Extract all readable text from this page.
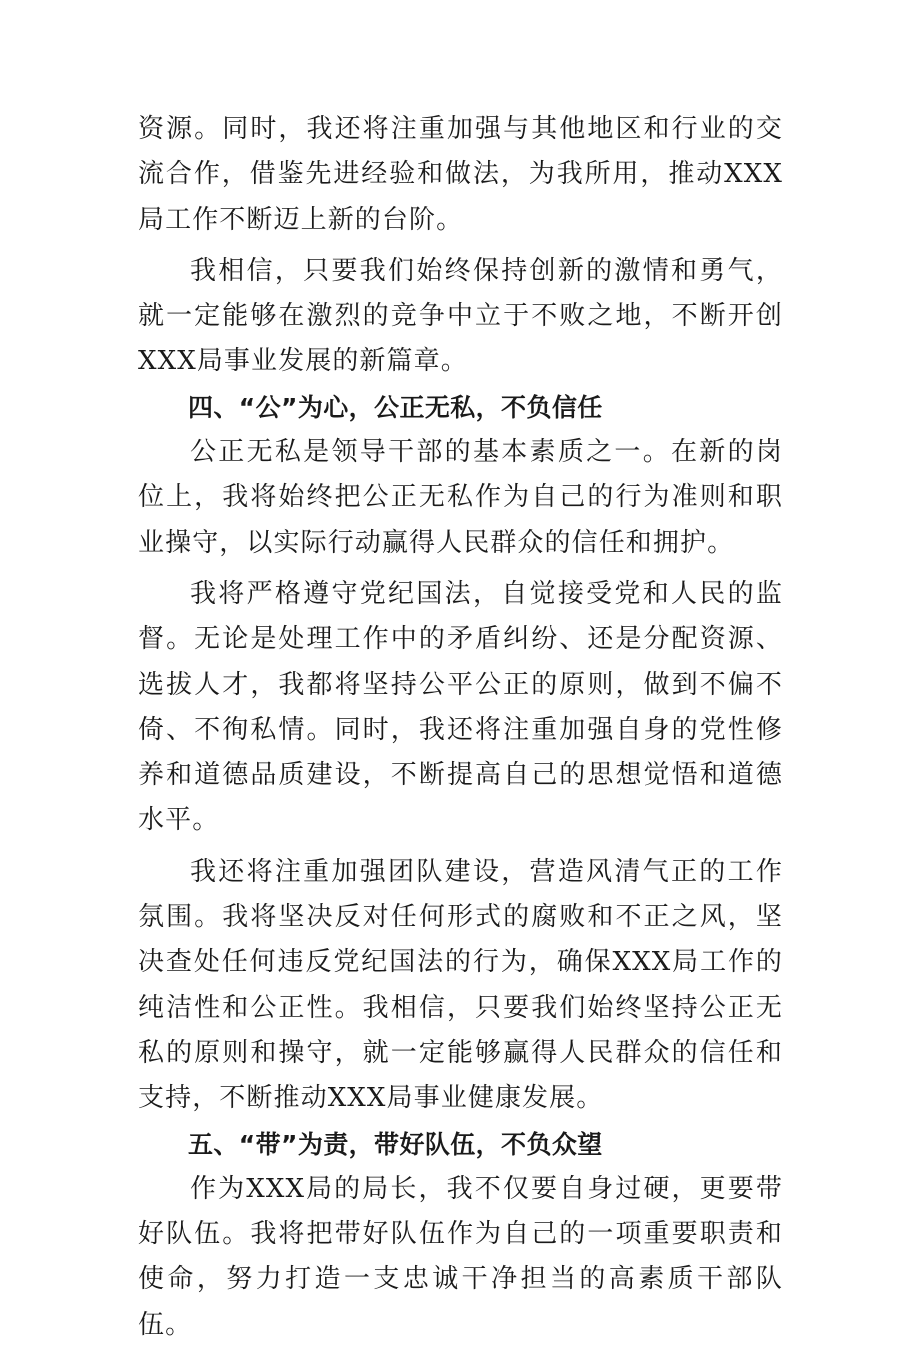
资源。同时，我还将注重加强与其他地区和行业的交流合作，借鉴先进经验和做法，为我所用，推动XXX局工作不断迈上新的台阶。

我相信，只要我们始终保持创新的激情和勇气，就一定能够在激烈的竞争中立于不败之地，不断开创XXX局事业发展的新篇章。

四、“公”为心，公正无私，不负信任

公正无私是领导干部的基本素质之一。在新的岗位上，我将始终把公正无私作为自己的行为准则和职业操守，以实际行动赢得人民群众的信任和拥护。

我将严格遵守党纪国法，自觉接受党和人民的监督。无论是处理工作中的矛盾纠纷、还是分配资源、选拔人才，我都将坚持公平公正的原则，做到不偏不倚、不徇私情。同时，我还将注重加强自身的党性修养和道德品质建设，不断提高自己的思想觉悟和道德水平。

我还将注重加强团队建设，营造风清气正的工作氛围。我将坚决反对任何形式的腐败和不正之风，坚决查处任何违反党纪国法的行为，确保XXX局工作的纯洁性和公正性。我相信，只要我们始终坚持公正无私的原则和操守，就一定能够赢得人民群众的信任和支持，不断推动XXX局事业健康发展。

五、“带”为责，带好队伍，不负众望

作为XXX局的局长，我不仅要自身过硬，更要带好队伍。我将把带好队伍作为自己的一项重要职责和使命，努力打造一支忠诚干净担当的高素质干部队伍。
